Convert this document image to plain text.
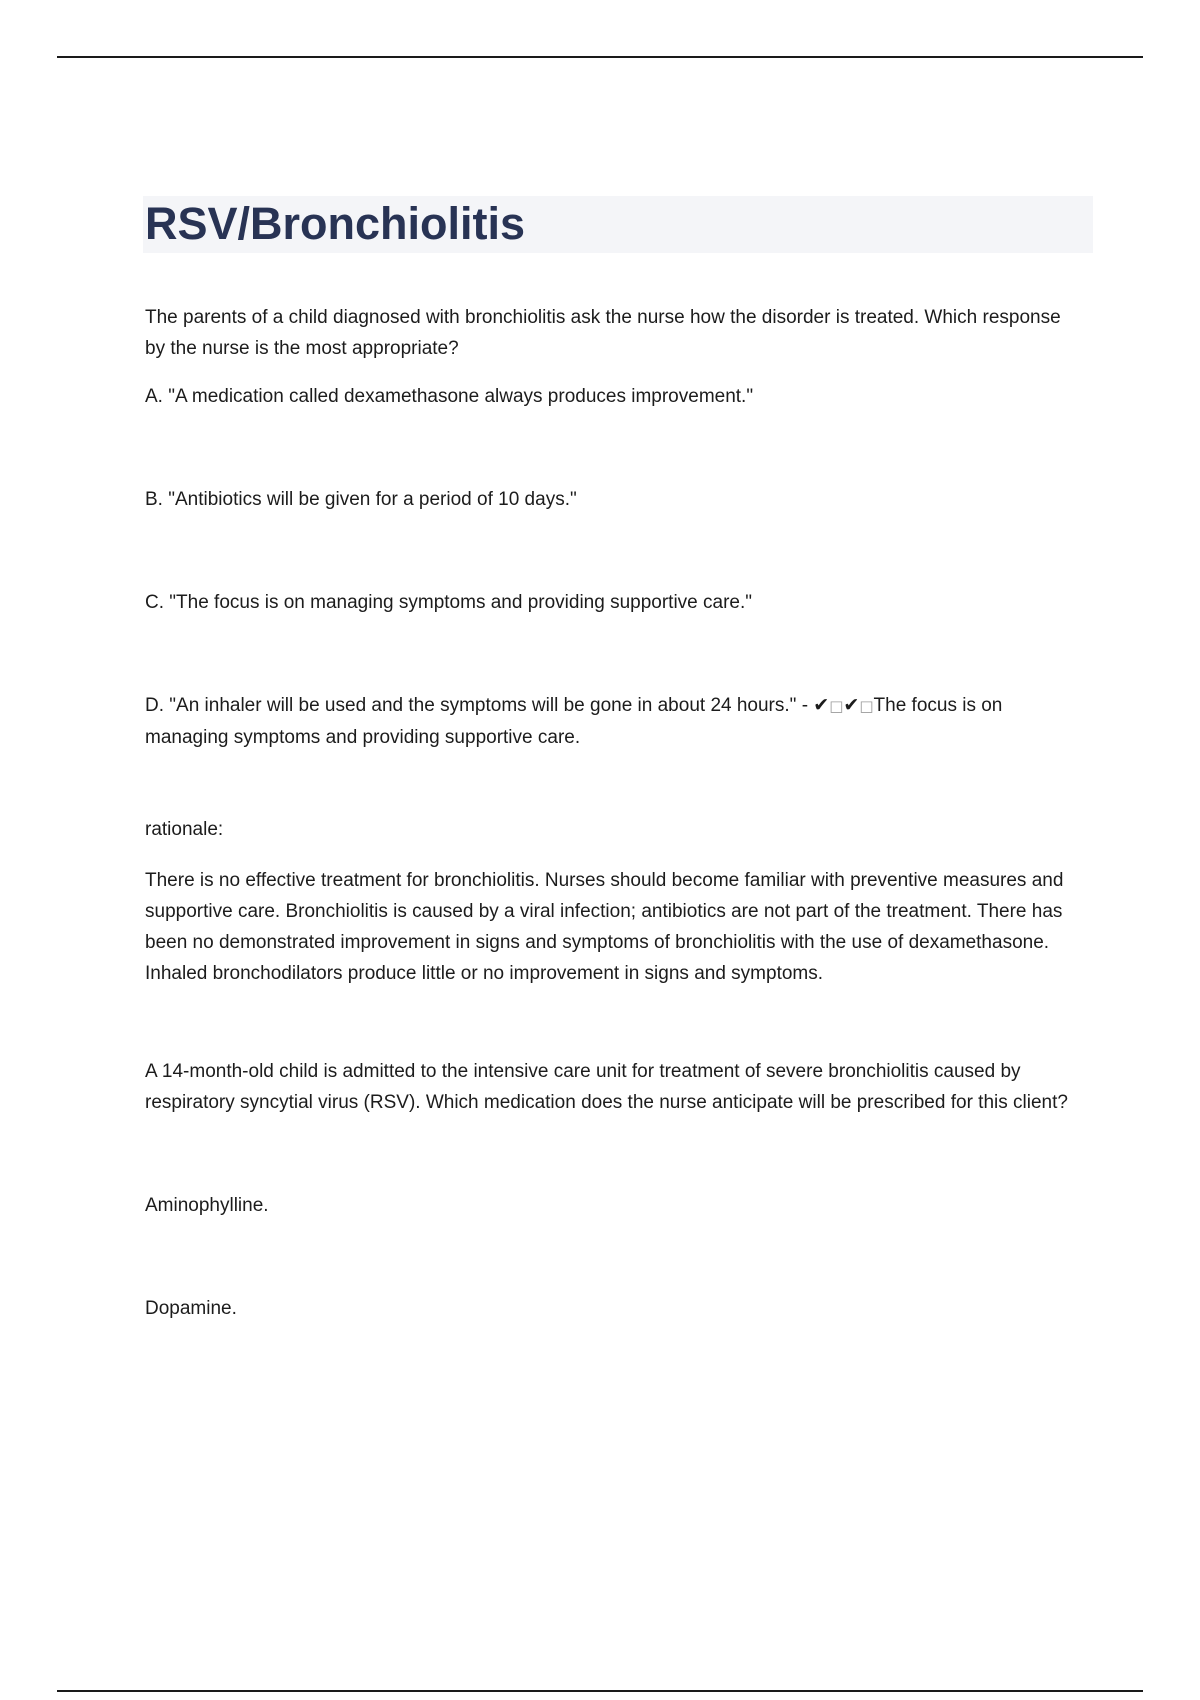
RSV/Bronchiolitis

The parents of a child diagnosed with bronchiolitis ask the nurse how the disorder is treated. Which response by the nurse is the most appropriate?

A. "A medication called dexamethasone always produces improvement."

B. "Antibiotics will be given for a period of 10 days."

C. "The focus is on managing symptoms and providing supportive care."

D. "An inhaler will be used and the symptoms will be gone in about 24 hours." - ✔□✔□The focus is on managing symptoms and providing supportive care.

rationale:

There is no effective treatment for bronchiolitis. Nurses should become familiar with preventive measures and supportive care. Bronchiolitis is caused by a viral infection; antibiotics are not part of the treatment. There has been no demonstrated improvement in signs and symptoms of bronchiolitis with the use of dexamethasone. Inhaled bronchodilators produce little or no improvement in signs and symptoms.

A 14-month-old child is admitted to the intensive care unit for treatment of severe bronchiolitis caused by respiratory syncytial virus (RSV). Which medication does the nurse anticipate will be prescribed for this client?

Aminophylline.

Dopamine.
